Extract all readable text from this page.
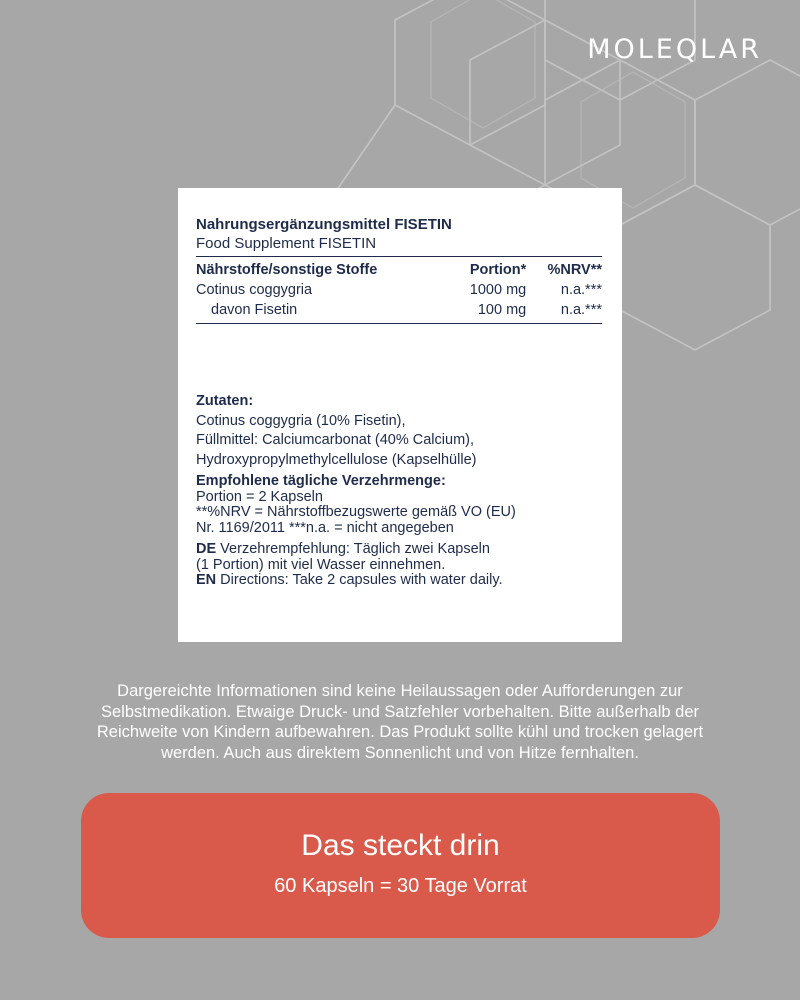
MOLEQLAR
Nahrungsergänzungsmittel FISETIN
Food Supplement FISETIN
Nährstoffe/sonstige Stoffe	Portion*	%NRV**
Cotinus coggygria	1000 mg	n.a.***
davon Fisetin	100 mg	n.a.***
Zutaten:
Cotinus coggygria (10% Fisetin),
Füllmittel: Calciumcarbonat (40% Calcium),
Hydroxypropylmethylcellulose (Kapselhülle)
Empfohlene tägliche Verzehrmenge:
Portion = 2 Kapseln
**%NRV = Nährstoffbezugswerte gemäß VO (EU)
Nr. 1169/2011 ***n.a. = nicht angegeben
DE Verzehrempfehlung: Täglich zwei Kapseln
(1 Portion) mit viel Wasser einnehmen.
EN Directions: Take 2 capsules with water daily.
Dargereichte Informationen sind keine Heilaussagen oder Aufforderungen zur
Selbstmedikation. Etwaige Druck- und Satzfehler vorbehalten. Bitte außerhalb der
Reichweite von Kindern aufbewahren. Das Produkt sollte kühl und trocken gelagert
werden. Auch aus direktem Sonnenlicht und von Hitze fernhalten.
Das steckt drin
60 Kapseln = 30 Tage Vorrat
